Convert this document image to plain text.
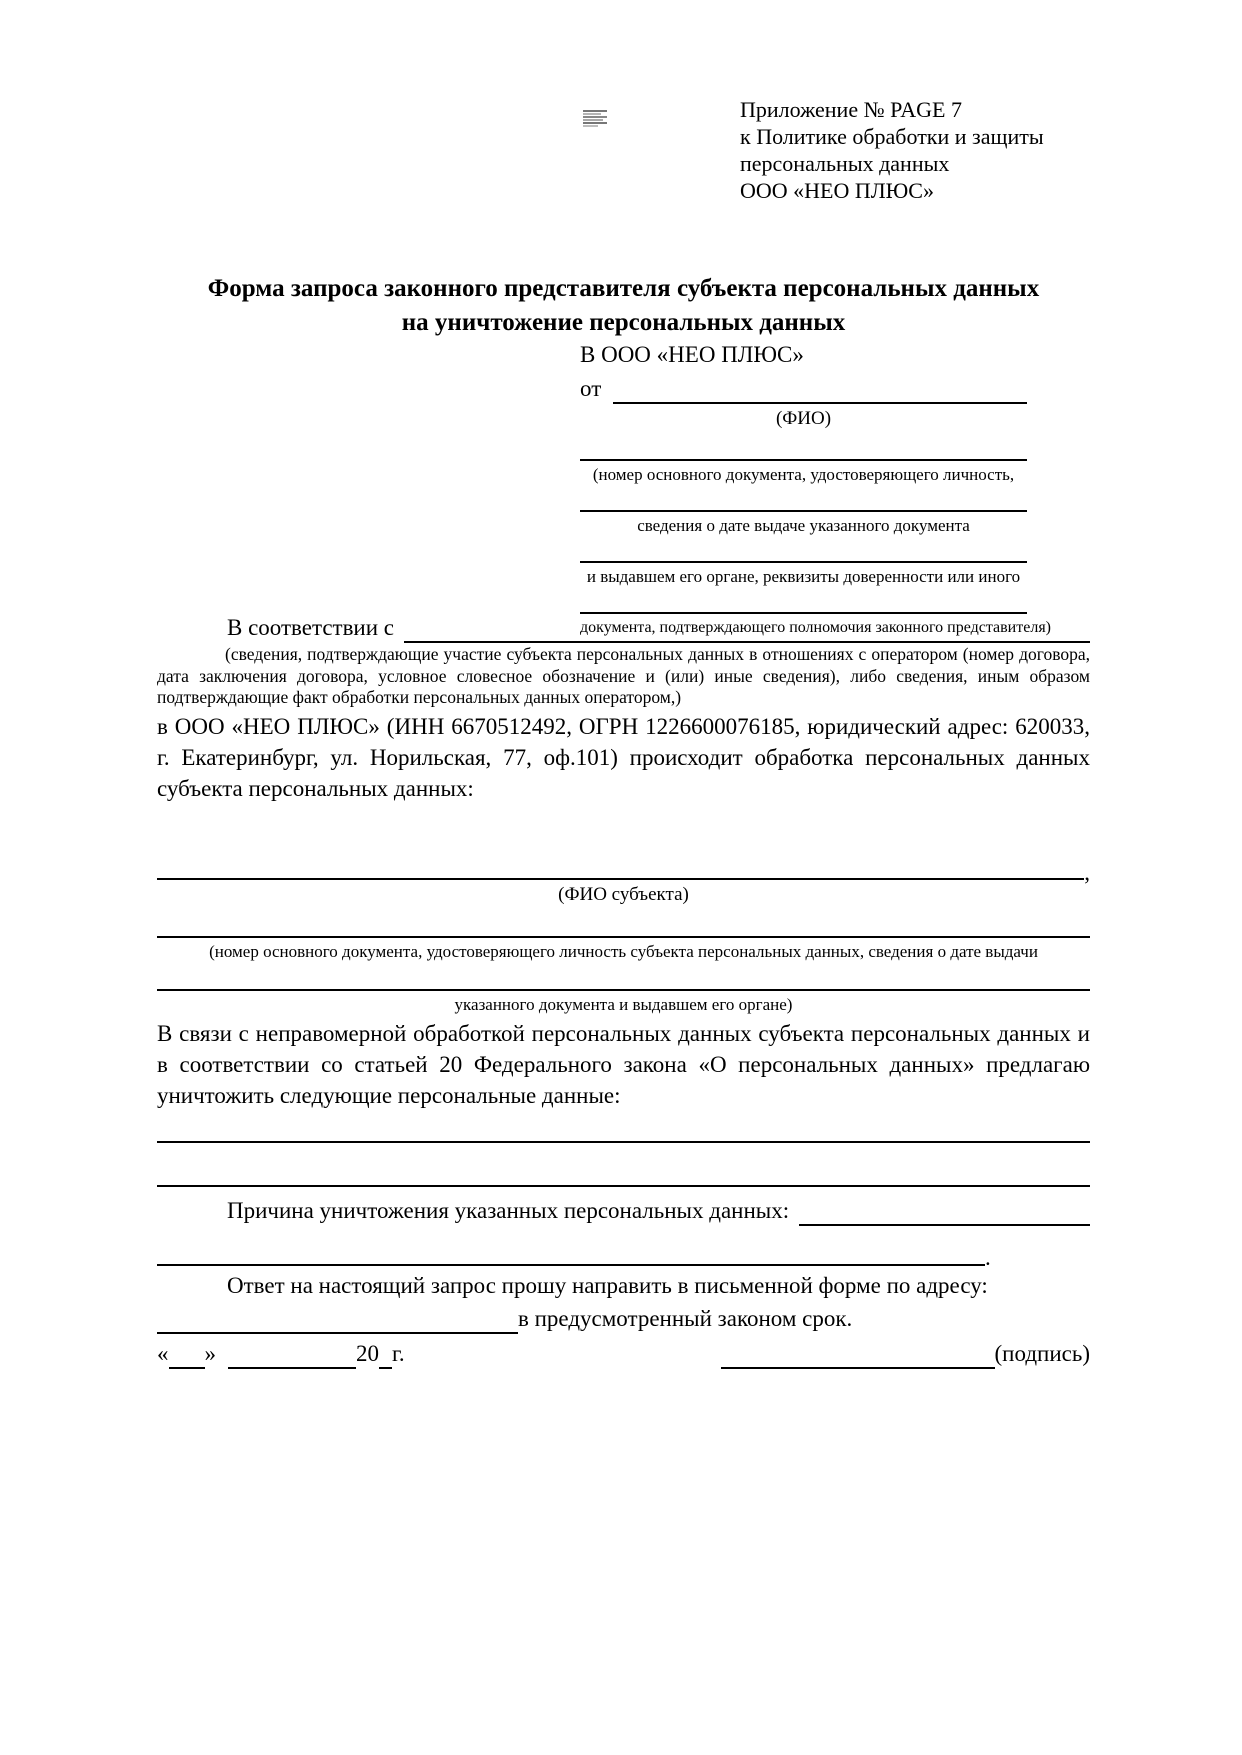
Приложение № PAGE 7
к Политике обработки и защиты
персональных данных
ООО «НЕО ПЛЮС»
Форма запроса законного представителя субъекта персональных данных
на уничтожение персональных данных
В ООО «НЕО ПЛЮС»
от
(ФИО)
(номер основного документа, удостоверяющего личность,
сведения о дате выдаче указанного документа
и выдавшем его органе, реквизиты доверенности или иного
документа, подтверждающего полномочия законного представителя)
В соответствии с
(сведения, подтверждающие участие субъекта персональных данных в отношениях с оператором (номер договора, дата заключения договора, условное словесное обозначение и (или) иные сведения), либо сведения, иным образом подтверждающие факт обработки персональных данных оператором,)
в ООО «НЕО ПЛЮС» (ИНН 6670512492, ОГРН 1226600076185, юридический адрес: 620033, г. Екатеринбург, ул. Норильская, 77, оф.101) происходит обработка персональных данных субъекта персональных данных:
,
(ФИО субъекта)
(номер основного документа, удостоверяющего личность субъекта персональных данных, сведения о дате выдачи
указанного документа и выдавшем его органе)
В связи с неправомерной обработкой персональных данных субъекта персональных данных и в соответствии со статьей 20 Федерального закона «О персональных данных» предлагаю уничтожить следующие персональные данные:
Причина уничтожения указанных персональных данных:
.
Ответ на настоящий запрос прошу направить в письменной форме по адресу:
в предусмотренный законом срок.
« »	20 г.	(подпись)
